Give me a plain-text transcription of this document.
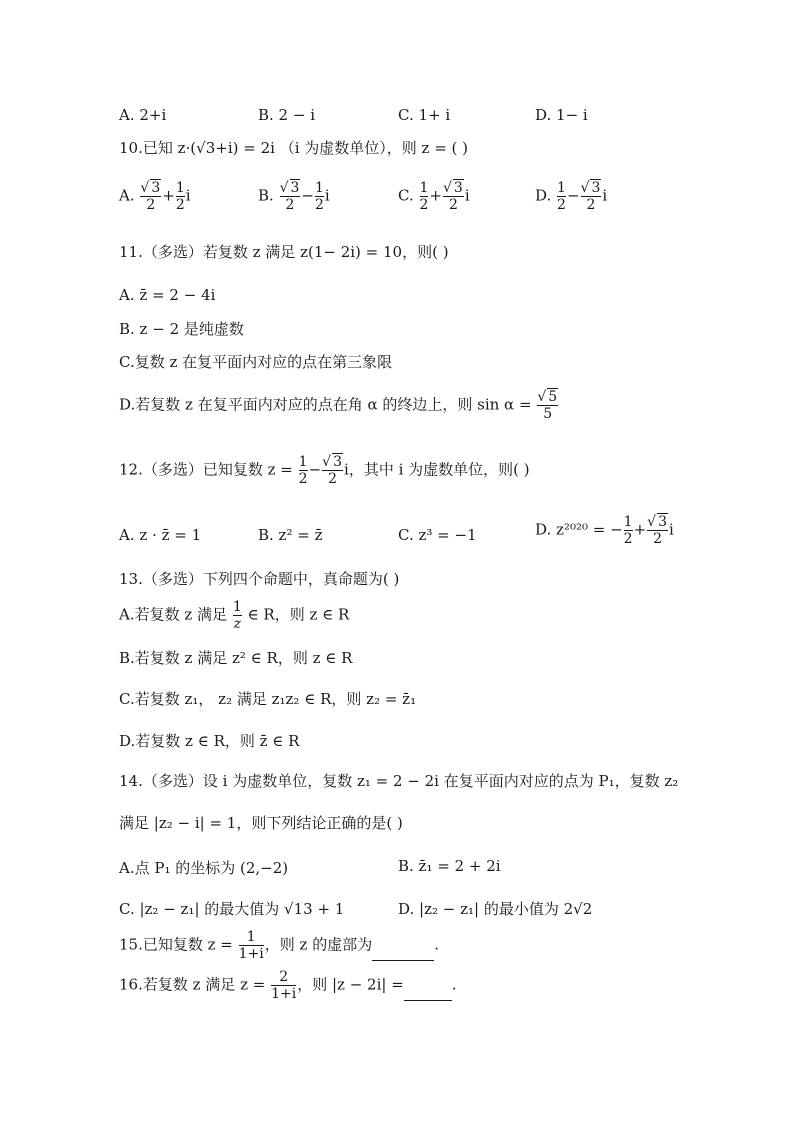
A. 2+i	B. 2 − i	C. 1+ i	D. 1− i
10.已知 z·(√3+i) = 2i （i 为虚数单位），则 z = ( )
A. $\frac{√ 3}{2} + \frac{1}{2}$ i	B. $\frac{√ 3}{2} - \frac{1}{2}$ i	C. $\frac{1}{2} + \frac{√ 3}{2}$ i	D. $\frac{1}{2} - \frac{√ 3}{2}$ i
11.（多选）若复数 z 满足 z(1− 2i) = 10，则( )
A. z̄ = 2 − 4i
B. z − 2 是纯虚数
C.复数 z 在复平面内对应的点在第三象限
D.若复数 z 在复平面内对应的点在角 α 的终边上，则 $\sin \alpha = \frac{√ 5}{5}$
12.（多选）已知复数 $z = \frac{1}{2} - \frac{√ 3}{2}$ i，其中 i 为虚数单位，则( )
A. z · z̄ = 1	B. z² = z̄	C. z³ = −1	D. z²⁰²⁰ = − $\frac{1}{2} + \frac{√ 3}{2}$ i
13.（多选）下列四个命题中，真命题为( )
A.若复数 z 满足 $\frac{1}{z}$ ∈ R，则 z ∈ R
B.若复数 z 满足 z² ∈ R，则 z ∈ R
C.若复数 z₁， z₂ 满足 z₁z₂ ∈ R，则 z₂ = z̄₁
D.若复数 z ∈ R，则 z̄ ∈ R
14.（多选）设 i 为虚数单位，复数 z₁ = 2 − 2i 在复平面内对应的点为 P₁，复数 z₂
满足 |z₂ − i| = 1，则下列结论正确的是( )
A.点 P₁ 的坐标为 (2,−2)	B. z̄₁ = 2 + 2i
C. |z₂ − z₁| 的最大值为 √13 + 1	D. |z₂ − z₁| 的最小值为 2√2
15.已知复数 $z = \frac{1}{1+i}$ ，则 z 的虚部为	.
16.若复数 z 满足 $z = \frac{2}{1+i}$ ，则 |z − 2i| =	.
